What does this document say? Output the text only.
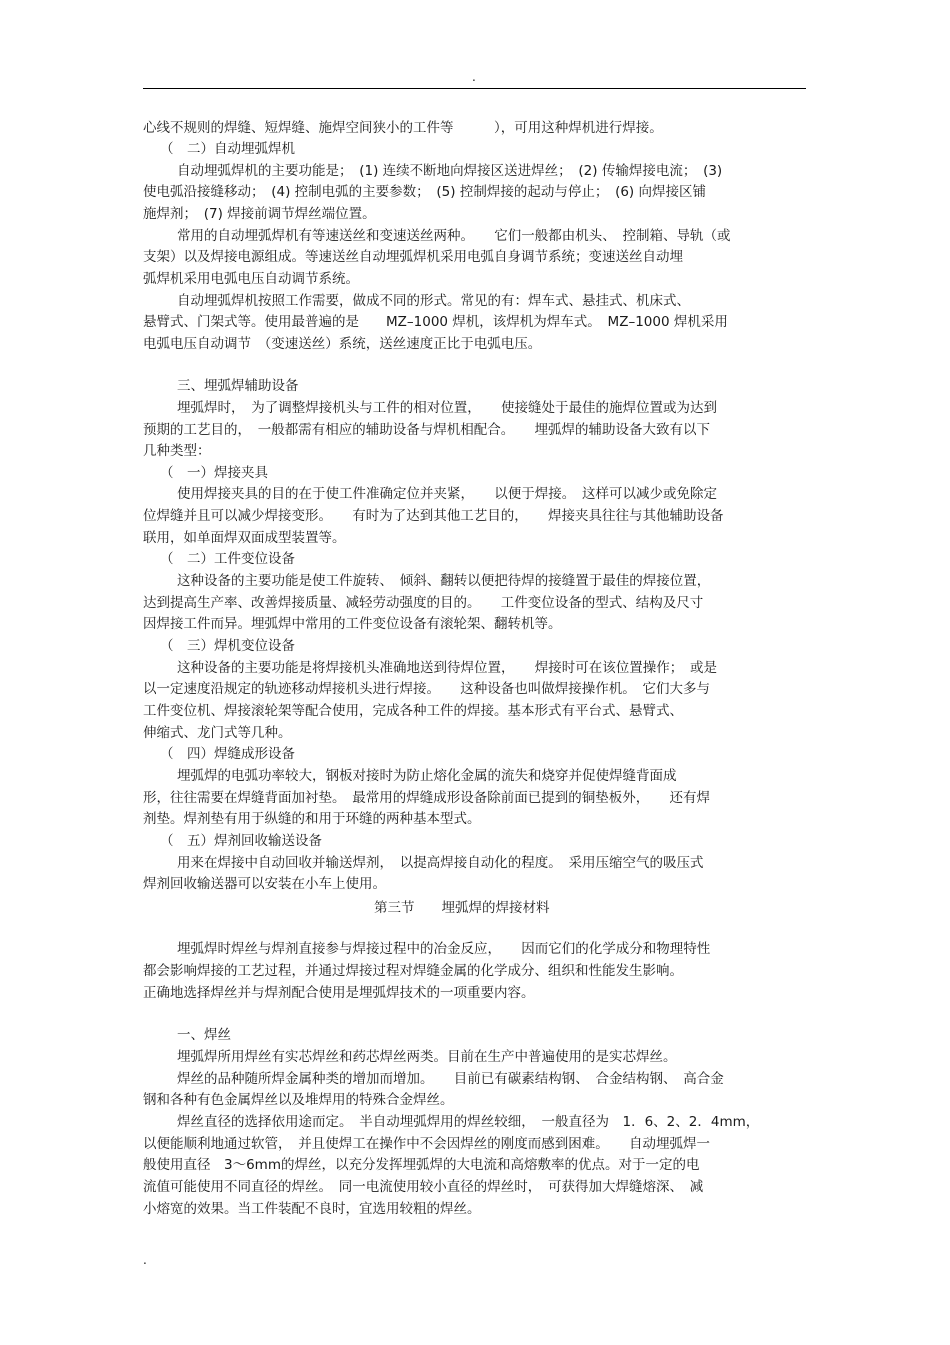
.
心线不规则的焊缝、短焊缝、施焊空间狭小的工件等　　　），可用这种焊机进行焊接。
（　二）自动埋弧焊机
自动埋弧焊机的主要功能是；　(1) 连续不断地向焊接区送进焊丝；　(2) 传输焊接电流；　(3)
使电弧沿接缝移动；　(4) 控制电弧的主要参数；　(5) 控制焊接的起动与停止；　(6) 向焊接区铺
施焊剂；　(7) 焊接前调节焊丝端位置。
常用的自动埋弧焊机有等速送丝和变速送丝两种。　　它们一般都由机头、　控制箱、导轨（或
支架）以及焊接电源组成。等速送丝自动埋弧焊机采用电弧自身调节系统；变速送丝自动埋
弧焊机采用电弧电压自动调节系统。
自动埋弧焊机按照工作需要，做成不同的形式。常见的有：焊车式、悬挂式、机床式、
悬臂式、门架式等。使用最普遍的是　　MZ–1000 焊机，该焊机为焊车式。　MZ–1000 焊机采用
电弧电压自动调节　（变速送丝）系统，送丝速度正比于电弧电压。
三、埋弧焊辅助设备
埋弧焊时，　为了调整焊接机头与工件的相对位置，　　使接缝处于最佳的施焊位置或为达到
预期的工艺目的，　一般都需有相应的辅助设备与焊机相配合。　　埋弧焊的辅助设备大致有以下
几种类型：
（　一）焊接夹具
使用焊接夹具的目的在于使工件准确定位并夹紧，　　以便于焊接。　这样可以减少或免除定
位焊缝并且可以减少焊接变形。　　有时为了达到其他工艺目的，　　焊接夹具往往与其他辅助设备
联用，如单面焊双面成型装置等。
（　二）工件变位设备
这种设备的主要功能是使工件旋转、　倾斜、翻转以便把待焊的接缝置于最佳的焊接位置，
达到提高生产率、改善焊接质量、减轻劳动强度的目的。　　工件变位设备的型式、结构及尺寸
因焊接工件而异。埋弧焊中常用的工件变位设备有滚轮架、翻转机等。
（　三）焊机变位设备
这种设备的主要功能是将焊接机头准确地送到待焊位置，　　焊接时可在该位置操作；　或是
以一定速度沿规定的轨迹移动焊接机头进行焊接。　　这种设备也叫做焊接操作机。　它们大多与
工件变位机、焊接滚轮架等配合使用，完成各种工件的焊接。基本形式有平台式、悬臂式、
伸缩式、龙门式等几种。
（　四）焊缝成形设备
埋弧焊的电弧功率较大，钢板对接时为防止熔化金属的流失和烧穿并促使焊缝背面成
形，往往需要在焊缝背面加衬垫。　最常用的焊缝成形设备除前面已提到的铜垫板外，　　还有焊
剂垫。焊剂垫有用于纵缝的和用于环缝的两种基本型式。
（　五）焊剂回收输送设备
用来在焊接中自动回收并输送焊剂，　以提高焊接自动化的程度。　采用压缩空气的吸压式
焊剂回收输送器可以安装在小车上使用。
第三节　　埋弧焊的焊接材料
埋弧焊时焊丝与焊剂直接参与焊接过程中的冶金反应，　　因而它们的化学成分和物理特性
都会影响焊接的工艺过程，并通过焊接过程对焊缝金属的化学成分、组织和性能发生影响。
正确地选择焊丝并与焊剂配合使用是埋弧焊技术的一项重要内容。
一、焊丝
埋弧焊所用焊丝有实芯焊丝和药芯焊丝两类。目前在生产中普遍使用的是实芯焊丝。
焊丝的品种随所焊金属种类的增加而增加。　　目前已有碳素结构钢、　合金结构钢、　高合金
钢和各种有色金属焊丝以及堆焊用的特殊合金焊丝。
焊丝直径的选择依用途而定。　半自动埋弧焊用的焊丝较细，　一般直径为　1．6、2、2．4mm，
以便能顺利地通过软管，　并且使焊工在操作中不会因焊丝的刚度而感到困难。　　自动埋弧焊一
般使用直径　3～6mm的焊丝，以充分发挥埋弧焊的大电流和高熔敷率的优点。对于一定的电
流值可能使用不同直径的焊丝。　同一电流使用较小直径的焊丝时，　可获得加大焊缝熔深、　减
小熔宽的效果。当工件装配不良时，宜选用较粗的焊丝。
.
